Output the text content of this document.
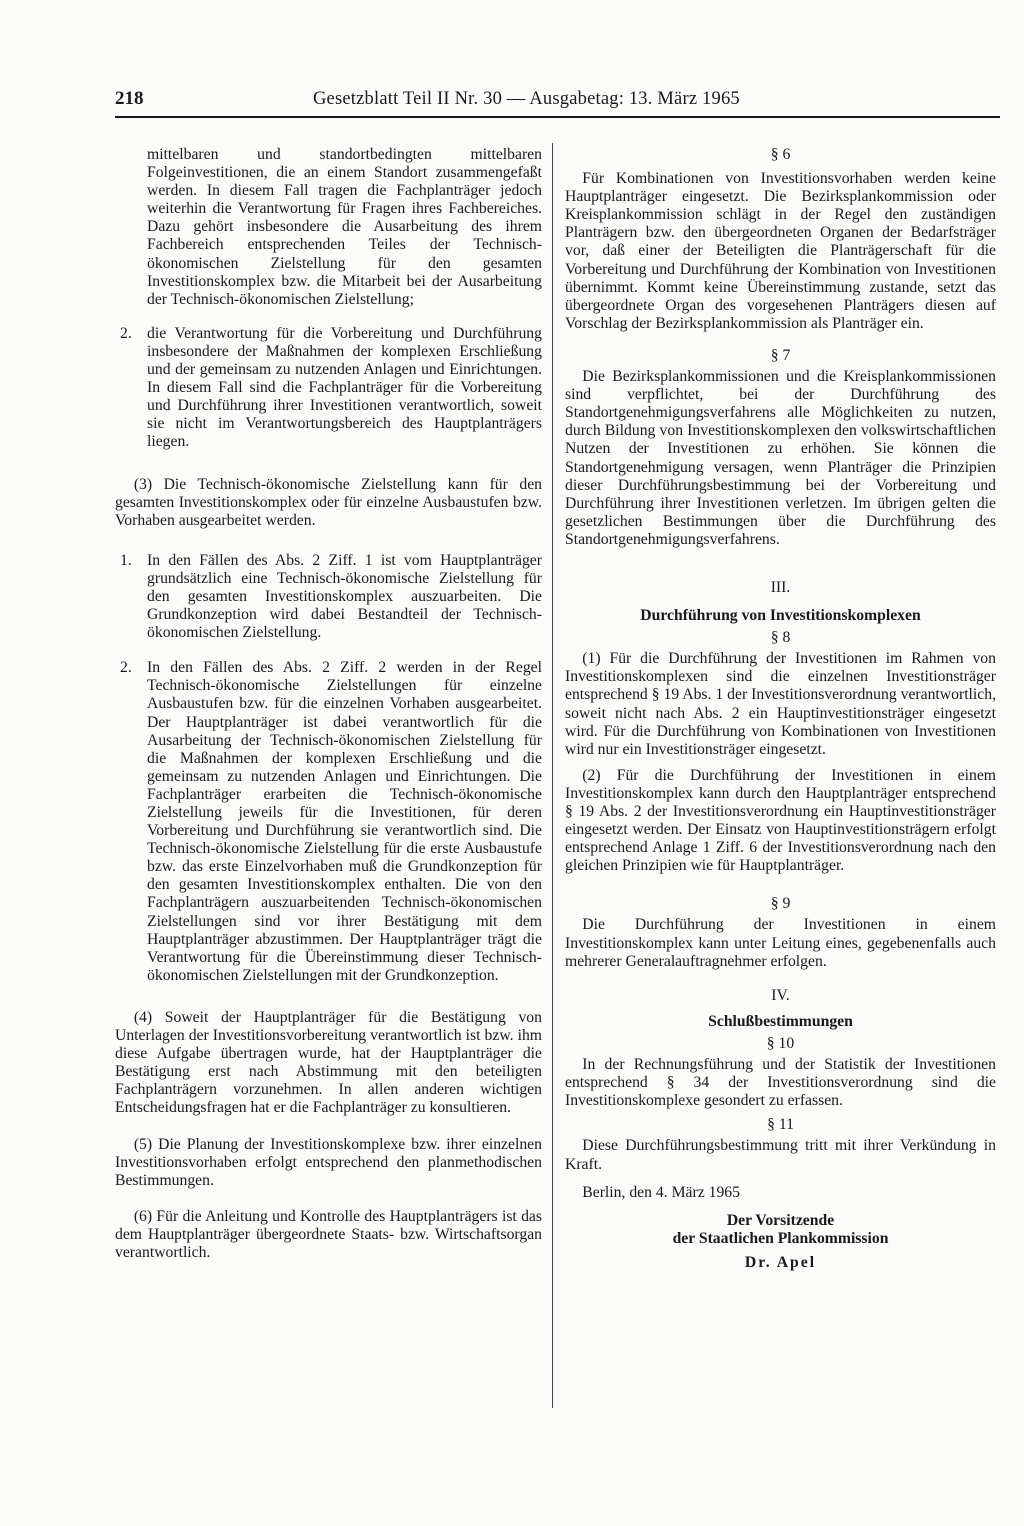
218	Gesetzblatt Teil II Nr. 30 — Ausgabetag: 13. März 1965

mittelbaren und standortbedingten mittelbaren Folgeinvestitionen, die an einem Standort zusammengefaßt werden. In diesem Fall tragen die Fachplanträger jedoch weiterhin die Verantwortung für Fragen ihres Fachbereiches. Dazu gehört insbesondere die Ausarbeitung des ihrem Fachbereich entsprechenden Teiles der Technisch-ökonomischen Zielstellung für den gesamten Investitionskomplex bzw. die Mitarbeit bei der Ausarbeitung der Technisch-ökonomischen Zielstellung;

2. die Verantwortung für die Vorbereitung und Durchführung insbesondere der Maßnahmen der komplexen Erschließung und der gemeinsam zu nutzenden Anlagen und Einrichtungen. In diesem Fall sind die Fachplanträger für die Vorbereitung und Durchführung ihrer Investitionen verantwortlich, soweit sie nicht im Verantwortungsbereich des Hauptplanträgers liegen.

(3) Die Technisch-ökonomische Zielstellung kann für den gesamten Investitionskomplex oder für einzelne Ausbaustufen bzw. Vorhaben ausgearbeitet werden.

1. In den Fällen des Abs. 2 Ziff. 1 ist vom Hauptplanträger grundsätzlich eine Technisch-ökonomische Zielstellung für den gesamten Investitionskomplex auszuarbeiten. Die Grundkonzeption wird dabei Bestandteil der Technisch-ökonomischen Zielstellung.

2. In den Fällen des Abs. 2 Ziff. 2 werden in der Regel Technisch-ökonomische Zielstellungen für einzelne Ausbaustufen bzw. für die einzelnen Vorhaben ausgearbeitet. Der Hauptplanträger ist dabei verantwortlich für die Ausarbeitung der Technisch-ökonomischen Zielstellung für die Maßnahmen der komplexen Erschließung und die gemeinsam zu nutzenden Anlagen und Einrichtungen. Die Fachplanträger erarbeiten die Technisch-ökonomische Zielstellung jeweils für die Investitionen, für deren Vorbereitung und Durchführung sie verantwortlich sind. Die Technisch-ökonomische Zielstellung für die erste Ausbaustufe bzw. das erste Einzelvorhaben muß die Grundkonzeption für den gesamten Investitionskomplex enthalten. Die von den Fachplanträgern auszuarbeitenden Technisch-ökonomischen Zielstellungen sind vor ihrer Bestätigung mit dem Hauptplanträger abzustimmen. Der Hauptplanträger trägt die Verantwortung für die Übereinstimmung dieser Technisch-ökonomischen Zielstellungen mit der Grundkonzeption.

(4) Soweit der Hauptplanträger für die Bestätigung von Unterlagen der Investitionsvorbereitung verantwortlich ist bzw. ihm diese Aufgabe übertragen wurde, hat der Hauptplanträger die Bestätigung erst nach Abstimmung mit den beteiligten Fachplanträgern vorzunehmen. In allen anderen wichtigen Entscheidungsfragen hat er die Fachplanträger zu konsultieren.

(5) Die Planung der Investitionskomplexe bzw. ihrer einzelnen Investitionsvorhaben erfolgt entsprechend den planmethodischen Bestimmungen.

(6) Für die Anleitung und Kontrolle des Hauptplanträgers ist das dem Hauptplanträger übergeordnete Staats- bzw. Wirtschaftsorgan verantwortlich.

§ 6

Für Kombinationen von Investitionsvorhaben werden keine Hauptplanträger eingesetzt. Die Bezirksplankommission oder Kreisplankommission schlägt in der Regel den zuständigen Planträgern bzw. den übergeordneten Organen der Bedarfsträger vor, daß einer der Beteiligten die Planträgerschaft für die Vorbereitung und Durchführung der Kombination von Investitionen übernimmt. Kommt keine Übereinstimmung zustande, setzt das übergeordnete Organ des vorgesehenen Planträgers diesen auf Vorschlag der Bezirksplankommission als Planträger ein.

§ 7

Die Bezirksplankommissionen und die Kreisplankommissionen sind verpflichtet, bei der Durchführung des Standortgenehmigungsverfahrens alle Möglichkeiten zu nutzen, durch Bildung von Investitionskomplexen den volkswirtschaftlichen Nutzen der Investitionen zu erhöhen. Sie können die Standortgenehmigung versagen, wenn Planträger die Prinzipien dieser Durchführungsbestimmung bei der Vorbereitung und Durchführung ihrer Investitionen verletzen. Im übrigen gelten die gesetzlichen Bestimmungen über die Durchführung des Standortgenehmigungsverfahrens.

III.

Durchführung von Investitionskomplexen

§ 8

(1) Für die Durchführung der Investitionen im Rahmen von Investitionskomplexen sind die einzelnen Investitionsträger entsprechend § 19 Abs. 1 der Investitionsverordnung verantwortlich, soweit nicht nach Abs. 2 ein Hauptinvestitionsträger eingesetzt wird. Für die Durchführung von Kombinationen von Investitionen wird nur ein Investitionsträger eingesetzt.

(2) Für die Durchführung der Investitionen in einem Investitionskomplex kann durch den Hauptplanträger entsprechend § 19 Abs. 2 der Investitionsverordnung ein Hauptinvestitionsträger eingesetzt werden. Der Einsatz von Hauptinvestitionsträgern erfolgt entsprechend Anlage 1 Ziff. 6 der Investitionsverordnung nach den gleichen Prinzipien wie für Hauptplanträger.

§ 9

Die Durchführung der Investitionen in einem Investitionskomplex kann unter Leitung eines, gegebenenfalls auch mehrerer Generalauftragnehmer erfolgen.

IV.

Schlußbestimmungen

§ 10

In der Rechnungsführung und der Statistik der Investitionen entsprechend § 34 der Investitionsverordnung sind die Investitionskomplexe gesondert zu erfassen.

§ 11

Diese Durchführungsbestimmung tritt mit ihrer Verkündung in Kraft.

Berlin, den 4. März 1965

Der Vorsitzende

der Staatlichen Plankommission

Dr. Apel
